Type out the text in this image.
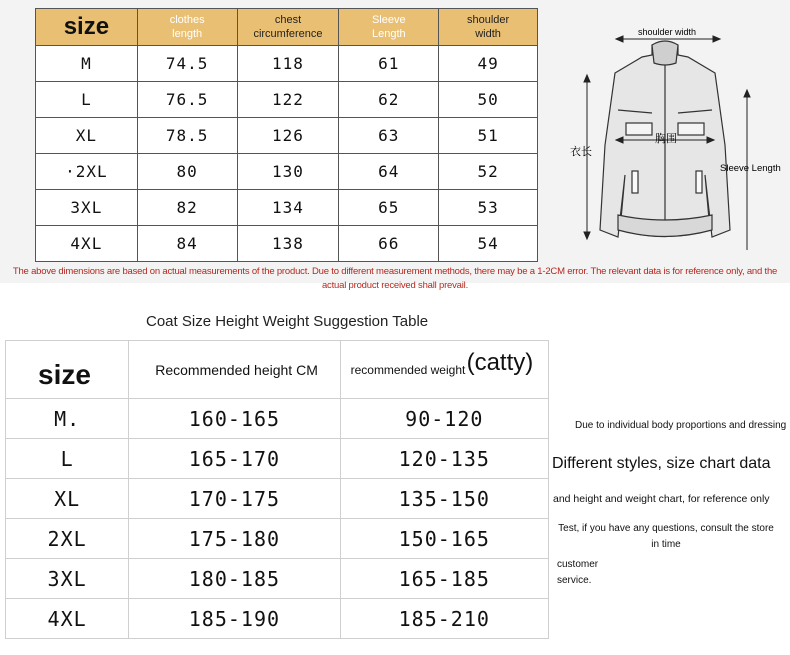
size	clothes length	chest circumference	Sleeve Length	shoulder width

M	74.5	118	61	49
L	76.5	122	62	50
XL	78.5	126	63	51
·2XL	80	130	64	52
3XL	82	134	65	53
4XL	84	138	66	54
shoulder width
衣长
胸围
Sleeve Length
The above dimensions are based on actual measurements of the product. Due to different measurement methods, there may be a 1-2CM error. The relevant data is for reference only, and the actual product received shall prevail.
Coat Size Height Weight Suggestion Table
size	Recommended height CM	recommended weight (catty)

M.	160-165	90-120
L	165-170	120-135
XL	170-175	135-150
2XL	175-180	150-165
3XL	180-185	165-185
4XL	185-190	185-210
Due to individual body proportions and dressing
Different styles, size chart data
and height and weight chart, for reference only
Test, if you have any questions, consult the store in time
customer service.
